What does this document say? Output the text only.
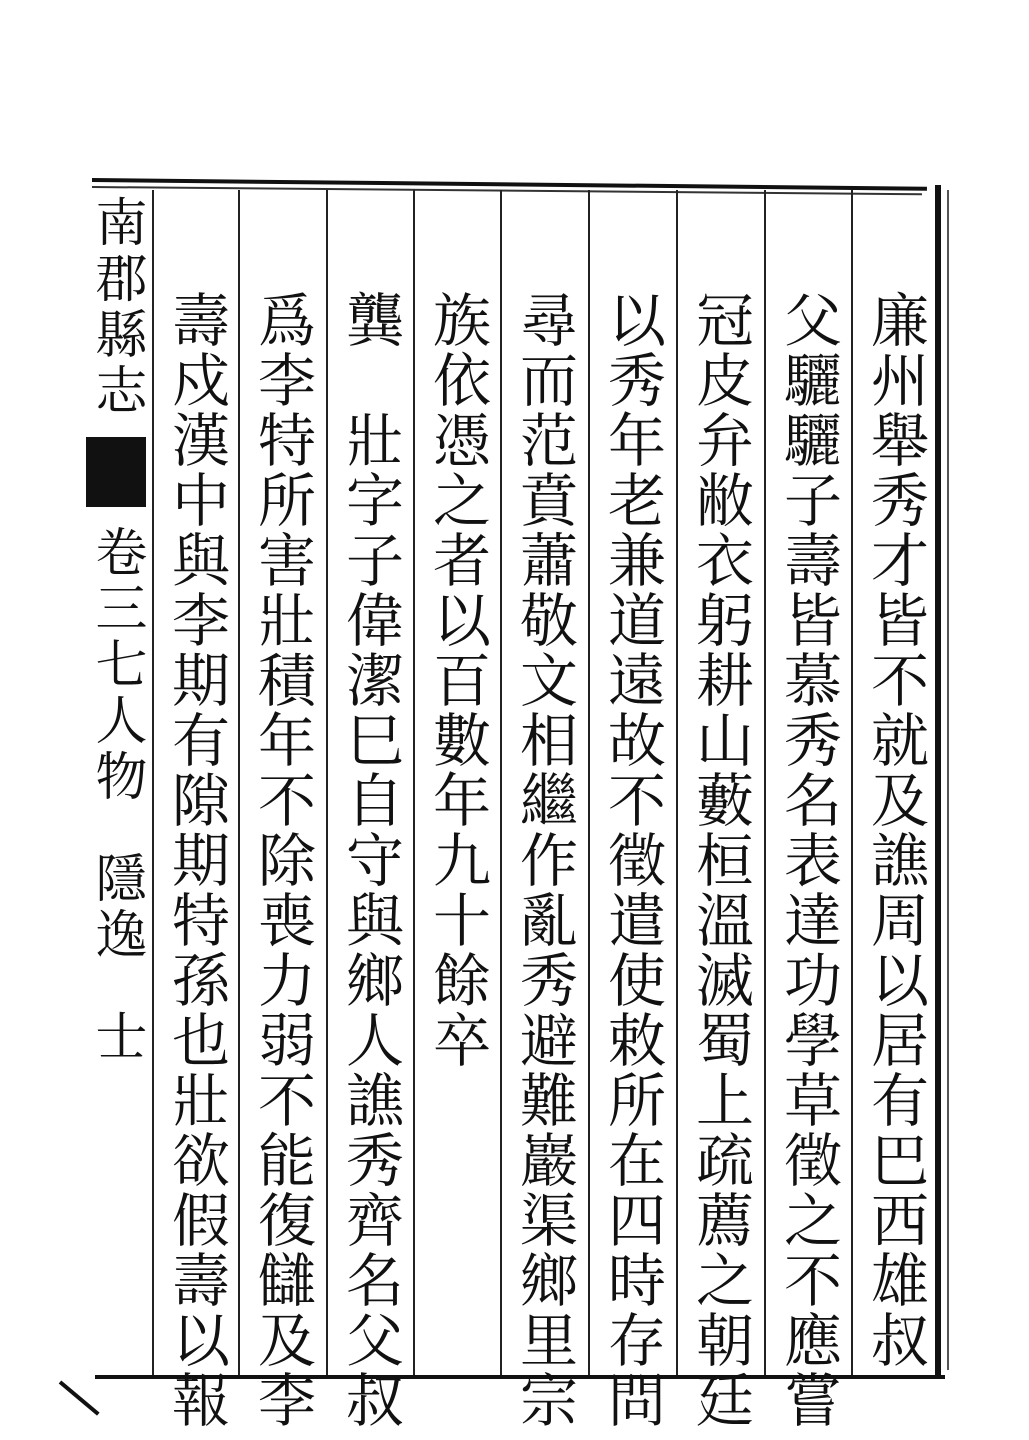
南郡縣志卷三七人物隱逸士	廉州舉秀才皆不就及譙周以居有巴西雄叔
父驪驪子壽皆慕秀名表達功學草徵之不應嘗
冠皮弁敝衣躬耕山藪桓溫滅蜀上疏薦之朝廷
以秀年老兼道遠故不徵遣使敕所在四時存問
尋而范賁蕭敬文相繼作亂秀避難巖渠鄉里宗
族依憑之者以百數年九十餘卒
龔　壯字子偉潔巳自守與鄉人譙秀齊名父叔
爲李特所害壯積年不除喪力弱不能復讎及李
壽戍漢中與李期有隙期特孫也壯欲假壽以報
